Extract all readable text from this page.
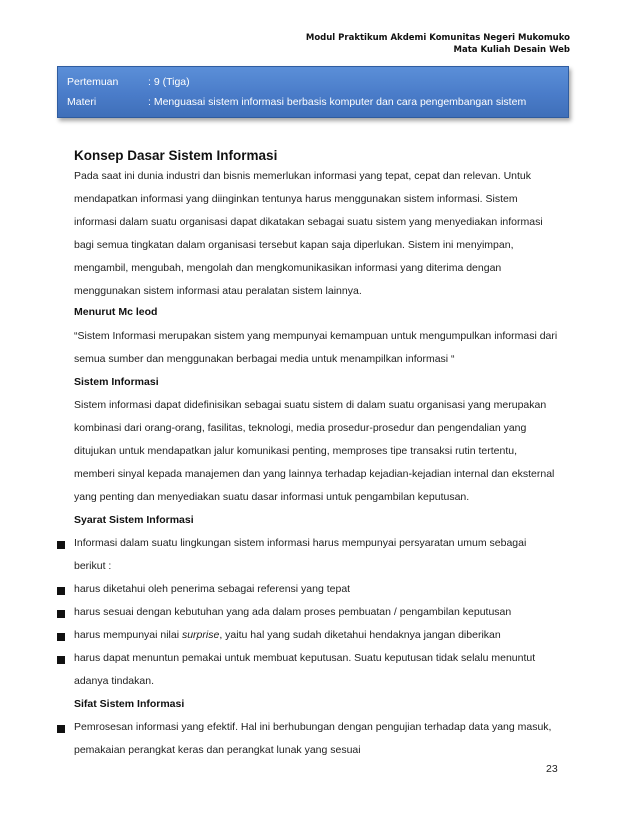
Modul Praktikum Akdemi Komunitas Negeri Mukomuko
Mata Kuliah Desain Web
Pertemuan	: 9 (Tiga)
Materi	: Menguasai sistem informasi berbasis komputer dan cara pengembangan sistem
Konsep Dasar Sistem Informasi
Pada saat ini dunia industri dan bisnis memerlukan informasi yang tepat, cepat dan relevan. Untuk
mendapatkan informasi yang diinginkan tentunya harus menggunakan sistem informasi. Sistem
informasi dalam suatu organisasi dapat dikatakan sebagai suatu sistem yang menyediakan informasi
bagi semua tingkatan dalam organisasi tersebut kapan saja diperlukan. Sistem ini menyimpan,
mengambil, mengubah, mengolah dan mengkomunikasikan informasi yang diterima dengan
menggunakan sistem informasi atau peralatan sistem lainnya.
Menurut Mc leod
“Sistem Informasi merupakan sistem yang mempunyai kemampuan untuk mengumpulkan informasi dari
semua sumber dan menggunakan berbagai media untuk menampilkan informasi “
Sistem Informasi
Sistem informasi dapat didefinisikan sebagai suatu sistem di dalam suatu organisasi yang merupakan
kombinasi dari orang-orang, fasilitas, teknologi, media prosedur-prosedur dan pengendalian yang
ditujukan untuk mendapatkan jalur komunikasi penting, memproses tipe transaksi rutin tertentu,
memberi sinyal kepada manajemen dan yang lainnya terhadap kejadian-kejadian internal dan eksternal
yang penting dan menyediakan suatu dasar informasi untuk pengambilan keputusan.
Syarat Sistem Informasi
Informasi dalam suatu lingkungan sistem informasi harus mempunyai persyaratan umum sebagai
berikut :
harus diketahui oleh penerima sebagai referensi yang tepat
harus sesuai dengan kebutuhan yang ada dalam proses pembuatan / pengambilan keputusan
harus mempunyai nilai surprise, yaitu hal yang sudah diketahui hendaknya jangan diberikan
harus dapat menuntun pemakai untuk membuat keputusan. Suatu keputusan tidak selalu menuntut
adanya tindakan.
Sifat Sistem Informasi
Pemrosesan informasi yang efektif. Hal ini berhubungan dengan pengujian terhadap data yang masuk,
pemakaian perangkat keras dan perangkat lunak yang sesuai
23
